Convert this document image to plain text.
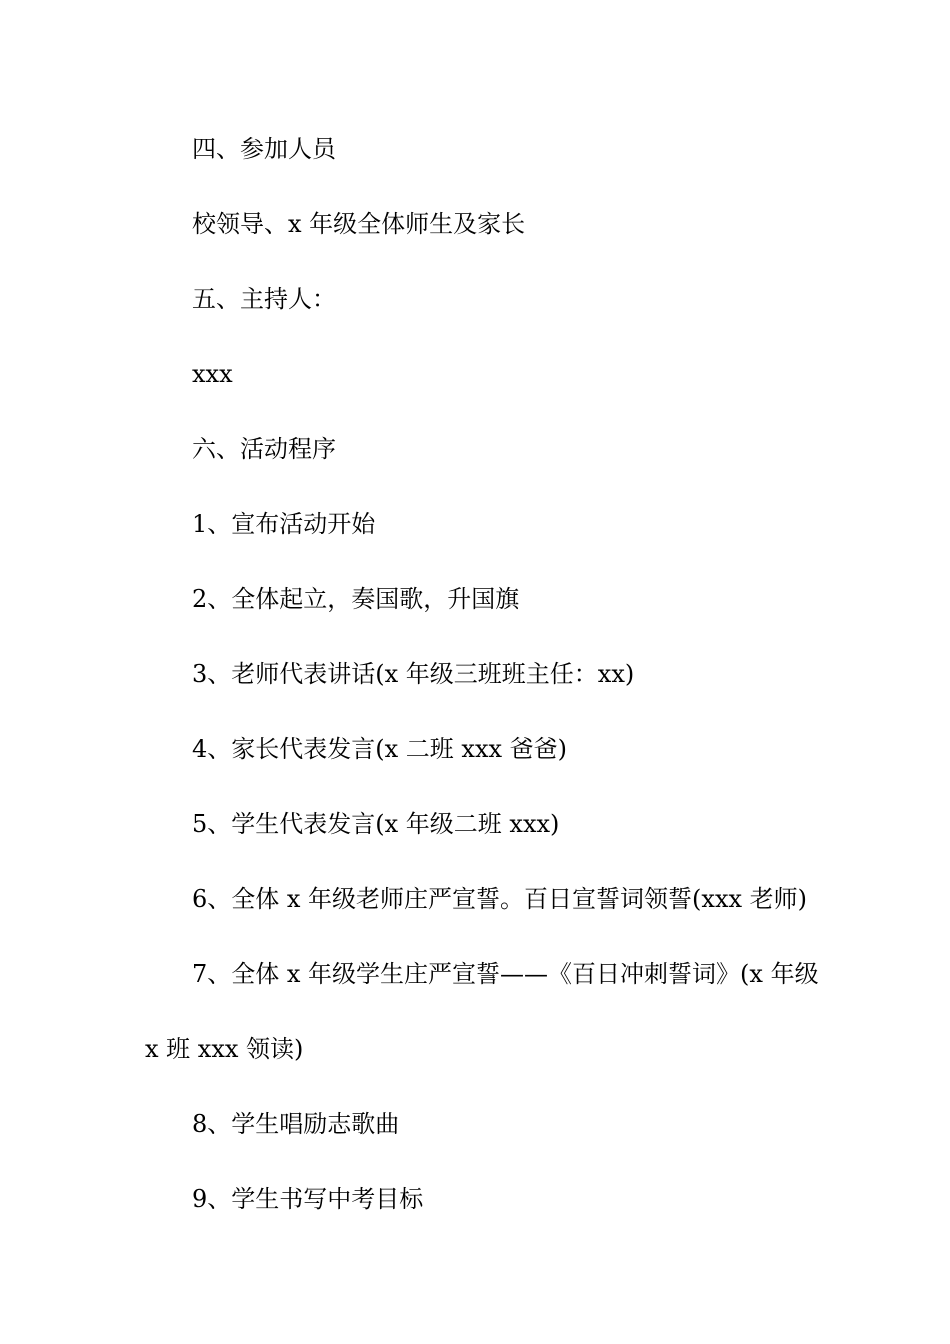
四、参加人员

校领导、x 年级全体师生及家长

五、主持人：

xxx

六、活动程序

1、宣布活动开始

2、全体起立，奏国歌，升国旗

3、老师代表讲话(x 年级三班班主任：xx)

4、家长代表发言(x 二班 xxx 爸爸)

5、学生代表发言(x 年级二班 xxx)

6、全体 x 年级老师庄严宣誓。百日宣誓词领誓(xxx 老师)

7、全体 x 年级学生庄严宣誓——《百日冲刺誓词》(x 年级

x 班 xxx 领读)

8、学生唱励志歌曲

9、学生书写中考目标
